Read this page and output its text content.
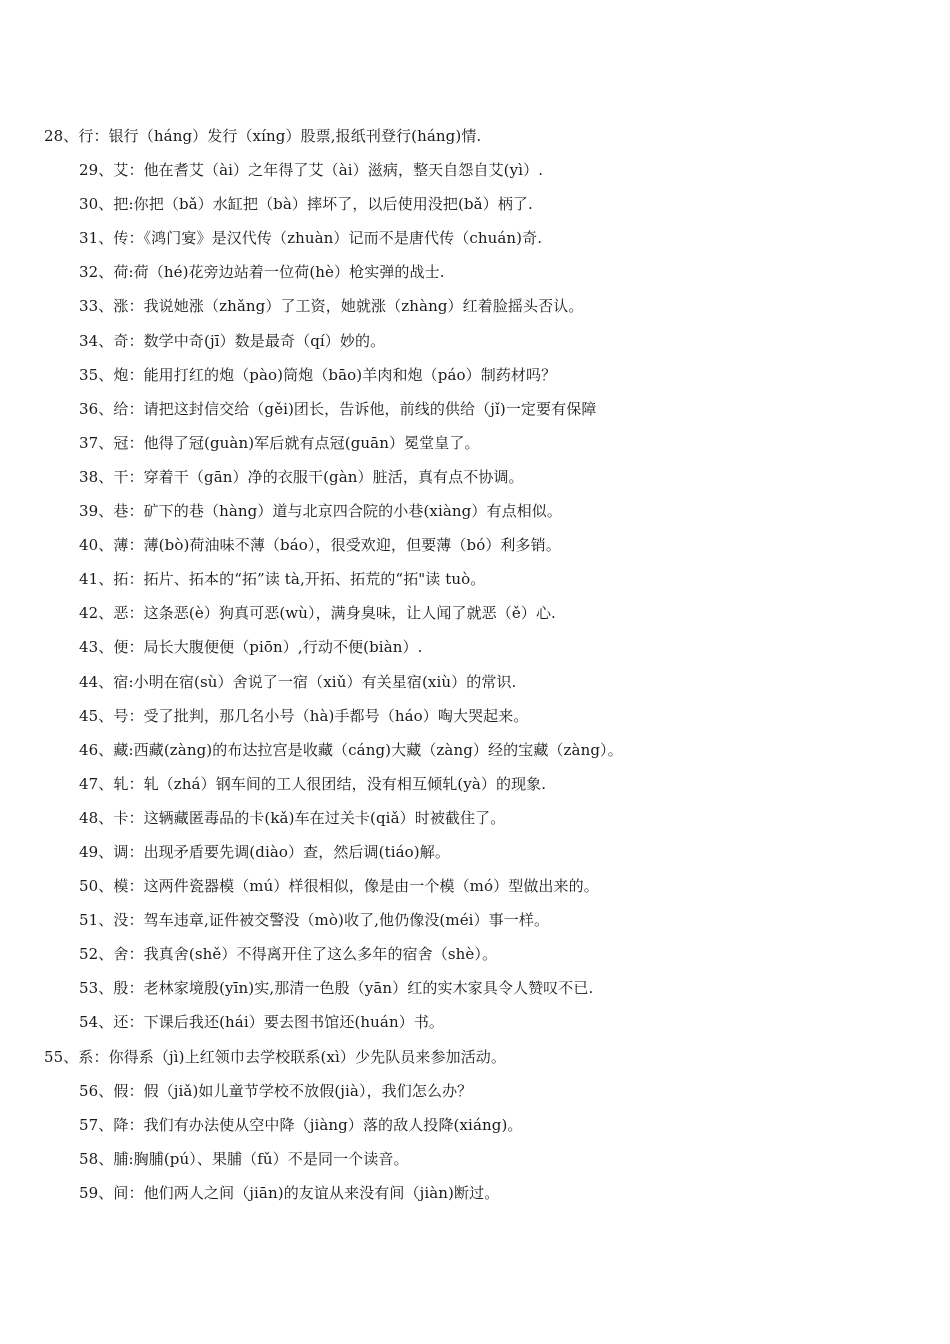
28、行：银行（háng）发行（xíng）股票,报纸刊登行(háng)情.
29、艾：他在耆艾（ài）之年得了艾（ài）滋病，整天自怨自艾(yì）.
30、把:你把（bǎ）水缸把（bà）摔坏了，以后使用没把(bǎ）柄了.
31、传：《鸿门宴》是汉代传（zhuàn）记而不是唐代传（chuán)奇.
32、荷:荷（hé)花旁边站着一位荷(hè）枪实弹的战士.
33、涨：我说她涨（zhǎng）了工资，她就涨（zhàng）红着脸摇头否认。
34、奇：数学中奇(jī）数是最奇（qí）妙的。
35、炮：能用打红的炮（pào)筒炮（bāo)羊肉和炮（páo）制药材吗？
36、给：请把这封信交给（gěi)团长，告诉他，前线的供给（jǐ)一定要有保障
37、冠：他得了冠(guàn)军后就有点冠(guān）冕堂皇了。
38、干：穿着干（gān）净的衣服干(gàn）脏活，真有点不协调。
39、巷：矿下的巷（hàng）道与北京四合院的小巷(xiàng）有点相似。
40、薄：薄(bò)荷油味不薄（báo），很受欢迎，但要薄（bó）利多销。
41、拓：拓片、拓本的“拓”读 tà,开拓、拓荒的“拓"读 tuò。
42、恶：这条恶(è）狗真可恶(wù），满身臭味，让人闻了就恶（ě）心.
43、便：局长大腹便便（piōn）,行动不便(biàn）.
44、宿:小明在宿(sù）舍说了一宿（xiǔ）有关星宿(xiù）的常识.
45、号：受了批判，那几名小号（hà)手都号（háo）啕大哭起来。
46、藏:西藏(zàng)的布达拉宫是收藏（cáng)大藏（zàng）经的宝藏（zàng）。
47、轧：轧（zhá）钢车间的工人很团结，没有相互倾轧(yà）的现象.
48、卡：这辆藏匿毒品的卡(kǎ)车在过关卡(qiǎ）时被截住了。
49、调：出现矛盾要先调(diào）查，然后调(tiáo)解。
50、模：这两件瓷器模（mú）样很相似，像是由一个模（mó）型做出来的。
51、没：驾车违章,证件被交警没（mò)收了,他仍像没(méi）事一样。
52、舍：我真舍(shě）不得离开住了这么多年的宿舍（shè）。
53、殷：老林家境殷(yīn)实,那清一色殷（yān）红的实木家具令人赞叹不已.
54、还：下课后我还(hái）要去图书馆还(huán）书。
55、系：你得系（jì)上红领巾去学校联系(xì）少先队员来参加活动。
56、假：假（jiǎ)如儿童节学校不放假(jià），我们怎么办？
57、降：我们有办法使从空中降（jiàng）落的敌人投降(xiáng)。
58、脯:胸脯(pú）、果脯（fǔ）不是同一个读音。
59、间：他们两人之间（jiān)的友谊从来没有间（jiàn)断过。
